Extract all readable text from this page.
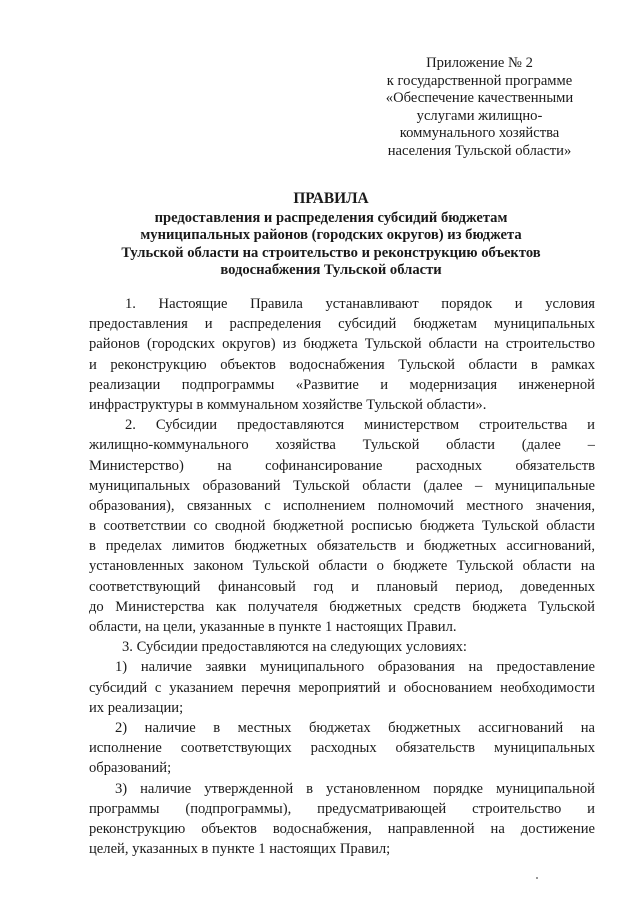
Приложение № 2
к государственной программе
«Обеспечение качественными
услугами жилищно-
коммунального хозяйства
населения Тульской области»
ПРАВИЛА
предоставления и распределения субсидий бюджетам
муниципальных районов (городских округов) из бюджета
Тульской области на строительство и реконструкцию объектов
водоснабжения Тульской области
1. Настоящие Правила устанавливают порядок и условия
предоставления и распределения субсидий бюджетам муниципальных
районов (городских округов) из бюджета Тульской области на строительство
и реконструкцию объектов водоснабжения Тульской области в рамках
реализации подпрограммы «Развитие и модернизация инженерной
инфраструктуры в коммунальном хозяйстве Тульской области».
2. Субсидии предоставляются министерством строительства и
жилищно-коммунального хозяйства Тульской области (далее –
Министерство) на софинансирование расходных обязательств
муниципальных образований Тульской области (далее – муниципальные
образования), связанных с исполнением полномочий местного значения,
в соответствии со сводной бюджетной росписью бюджета Тульской области
в пределах лимитов бюджетных обязательств и бюджетных ассигнований,
установленных законом Тульской области о бюджете Тульской области на
соответствующий финансовый год и плановый период, доведенных
до Министерства как получателя бюджетных средств бюджета Тульской
области, на цели, указанные в пункте 1 настоящих Правил.
3. Субсидии предоставляются на следующих условиях:
1) наличие заявки муниципального образования на предоставление
субсидий с указанием перечня мероприятий и обоснованием необходимости
их реализации;
2) наличие в местных бюджетах бюджетных ассигнований на
исполнение соответствующих расходных обязательств муниципальных
образований;
3) наличие утвержденной в установленном порядке муниципальной
программы (подпрограммы), предусматривающей строительство и
реконструкцию объектов водоснабжения, направленной на достижение
целей, указанных в пункте 1 настоящих Правил;
